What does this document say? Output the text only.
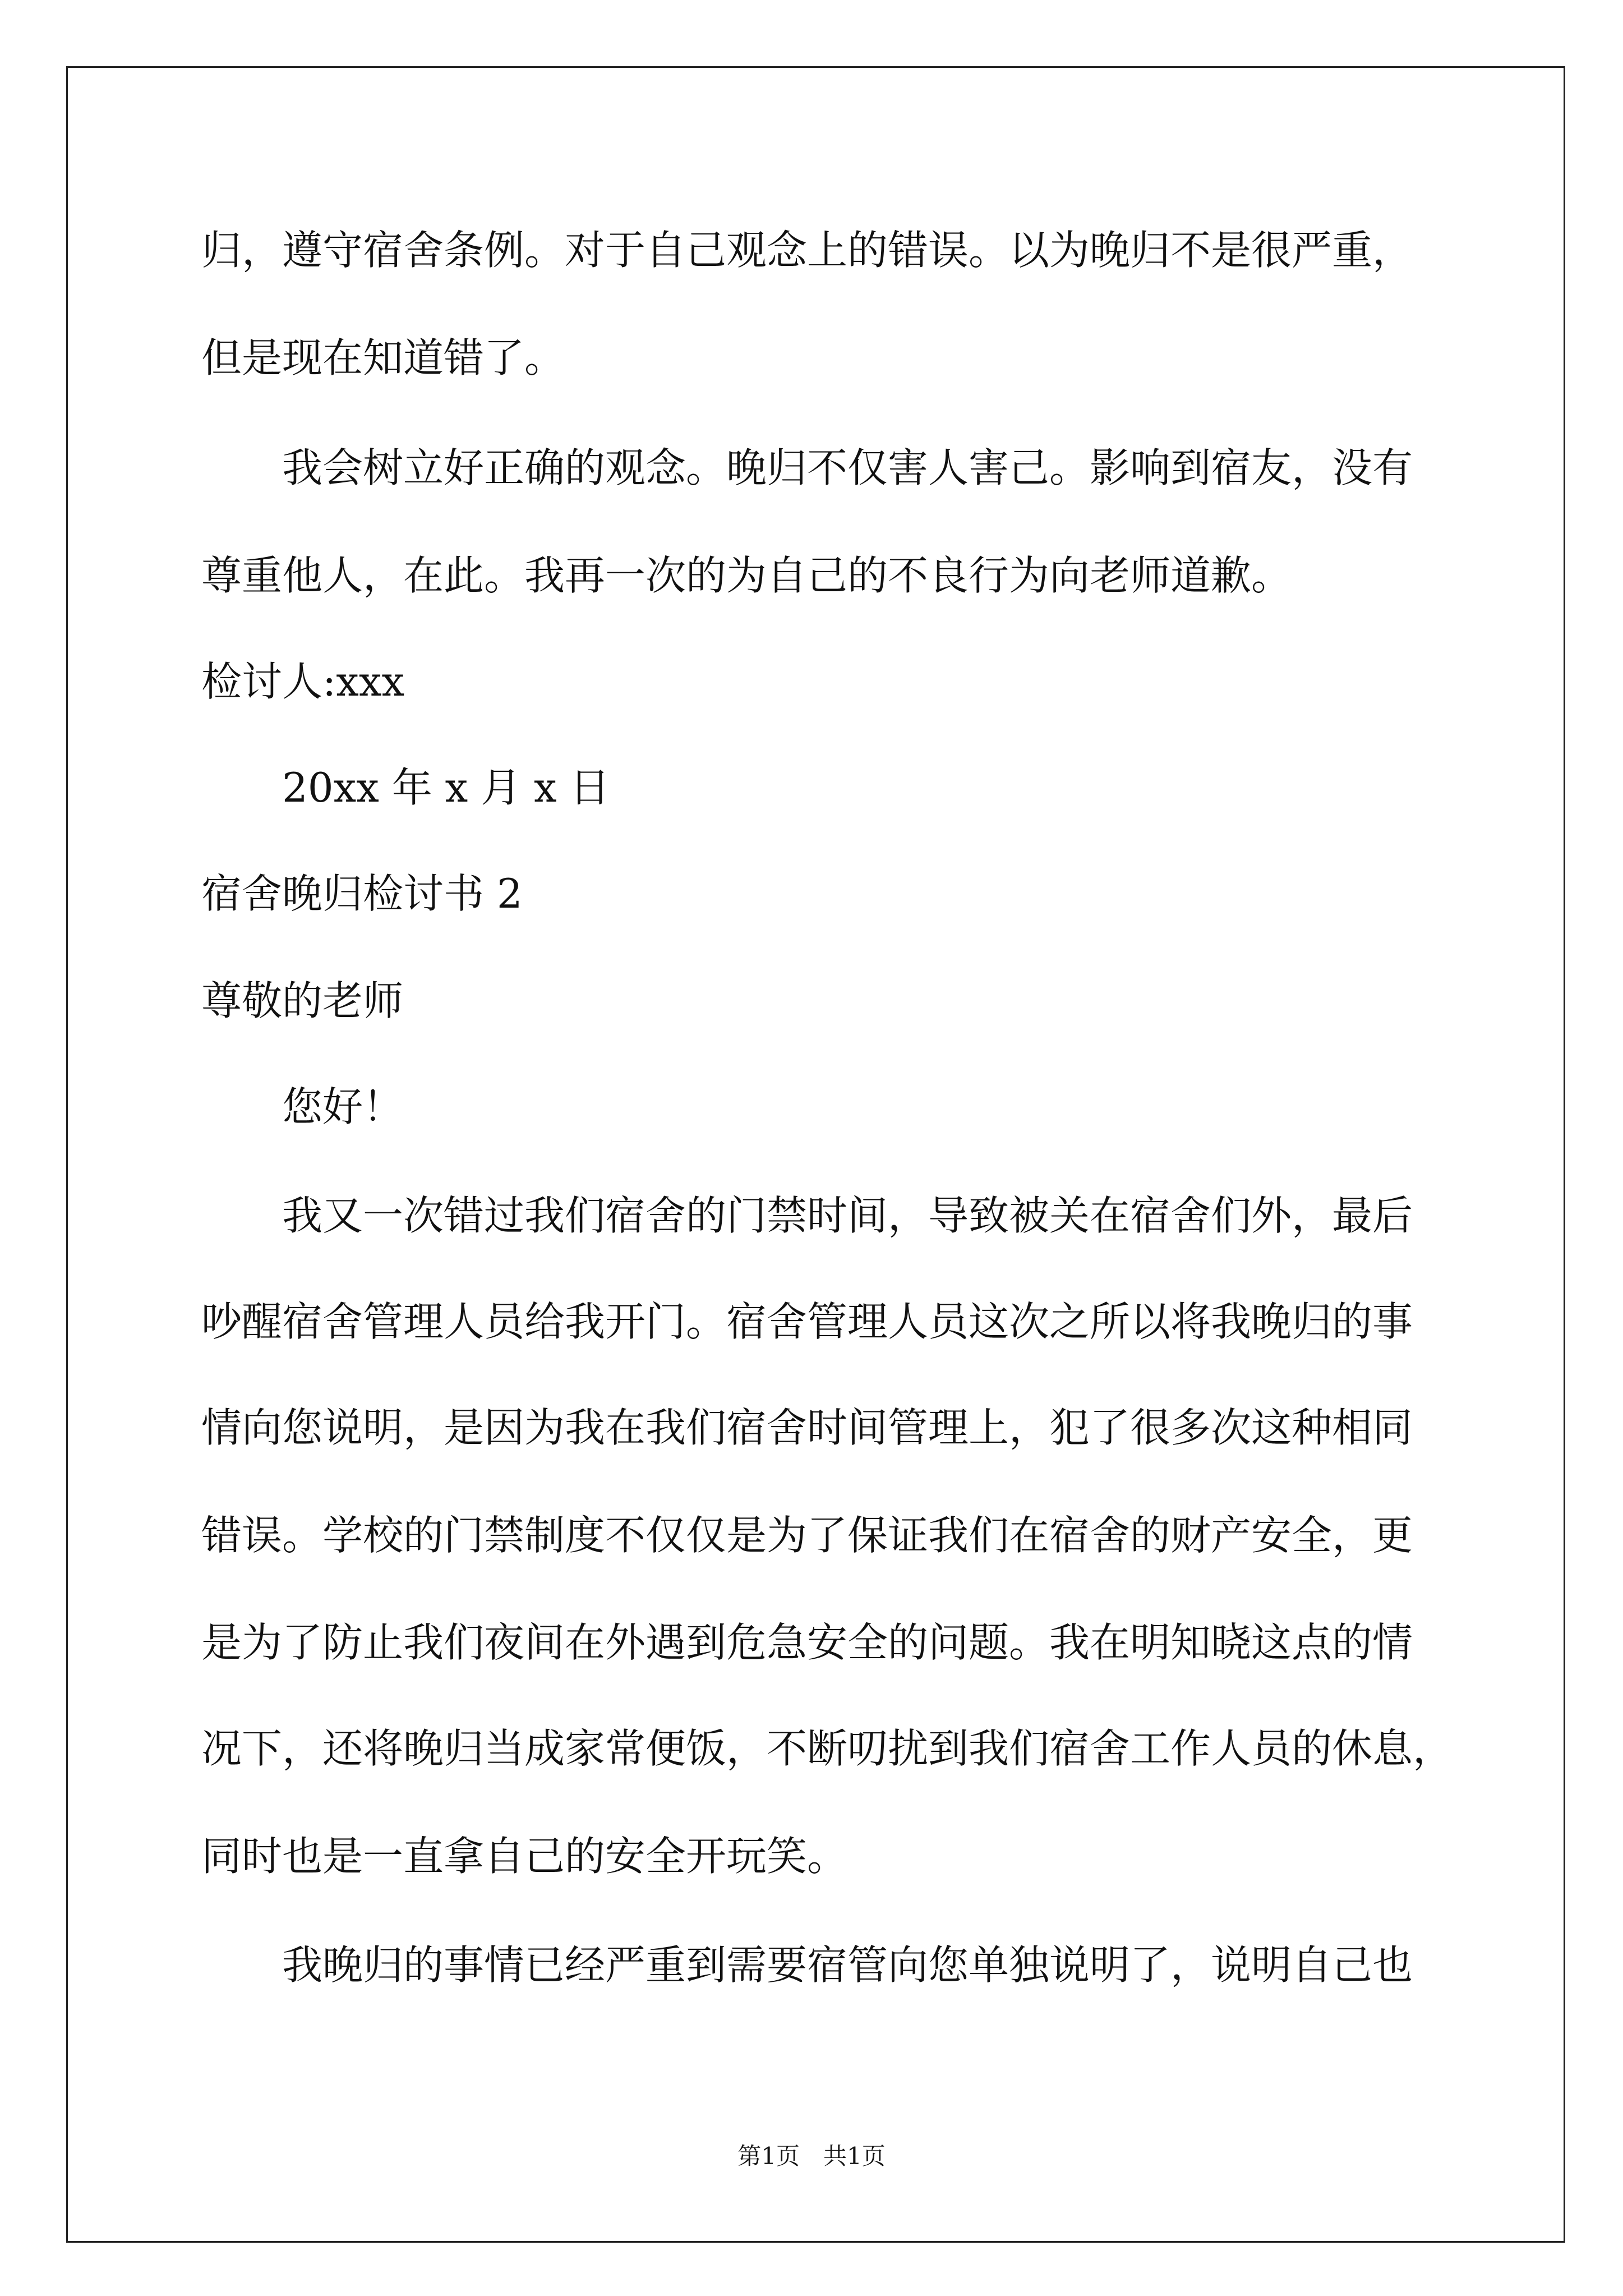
归，遵守宿舍条例。对于自己观念上的错误。以为晚归不是很严重，
但是现在知道错了。
我会树立好正确的观念。晚归不仅害人害己。影响到宿友，没有
尊重他人，在此。我再一次的为自己的不良行为向老师道歉。
检讨人:xxx
20xx 年 x 月 x 日
宿舍晚归检讨书 2
尊敬的老师
您好！
我又一次错过我们宿舍的门禁时间，导致被关在宿舍们外，最后
吵醒宿舍管理人员给我开门。宿舍管理人员这次之所以将我晚归的事
情向您说明，是因为我在我们宿舍时间管理上，犯了很多次这种相同
错误。学校的门禁制度不仅仅是为了保证我们在宿舍的财产安全，更
是为了防止我们夜间在外遇到危急安全的问题。我在明知晓这点的情
况下，还将晚归当成家常便饭，不断叨扰到我们宿舍工作人员的休息，
同时也是一直拿自己的安全开玩笑。
我晚归的事情已经严重到需要宿管向您单独说明了，说明自己也
第1页 共1页
